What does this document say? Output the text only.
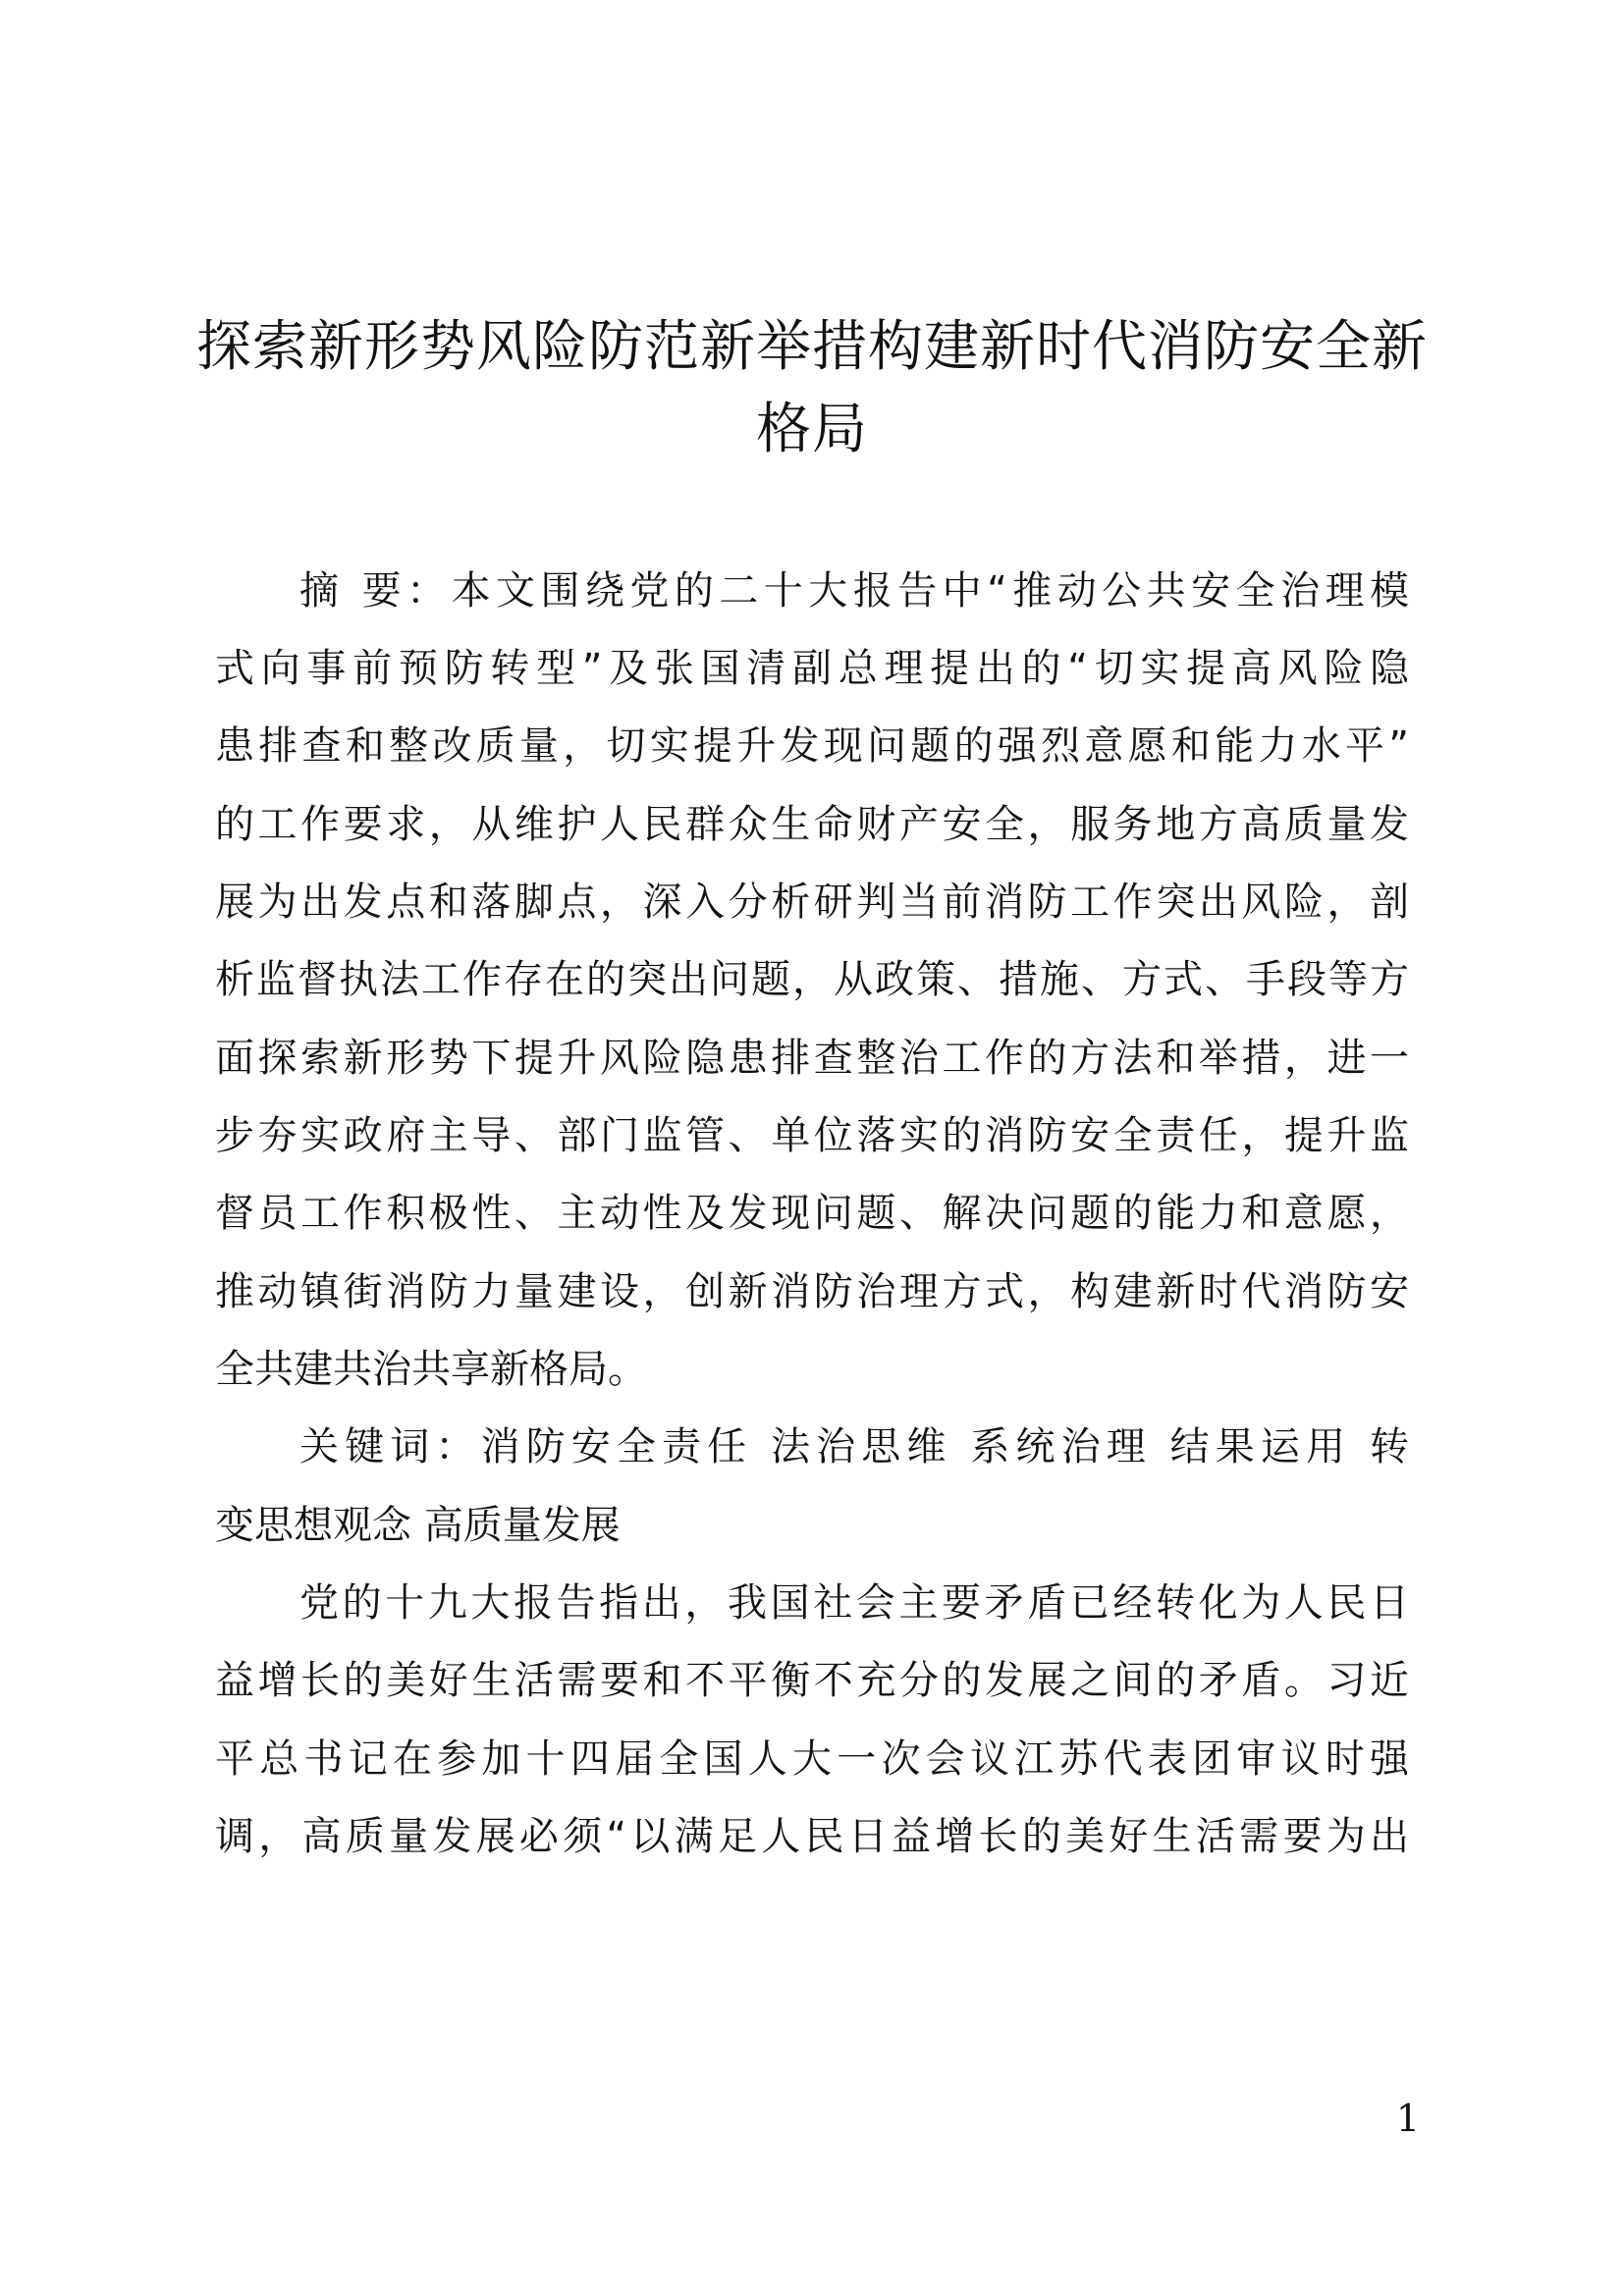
探索新形势风险防范新举措构建新时代消防安全新格局

摘 要：本文围绕党的二十大报告中“推动公共安全治理模

式向事前预防转型”及张国清副总理提出的“切实提高风险隐

患排查和整改质量，切实提升发现问题的强烈意愿和能力水平”

的工作要求，从维护人民群众生命财产安全，服务地方高质量发

展为出发点和落脚点，深入分析研判当前消防工作突出风险，剖

析监督执法工作存在的突出问题，从政策、措施、方式、手段等方

面探索新形势下提升风险隐患排查整治工作的方法和举措，进一

步夯实政府主导、部门监管、单位落实的消防安全责任，提升监

督员工作积极性、主动性及发现问题、解决问题的能力和意愿，

推动镇街消防力量建设，创新消防治理方式，构建新时代消防安

全共建共治共享新格局。

关键词：消防安全责任 法治思维 系统治理 结果运用 转

变思想观念 高质量发展

党的十九大报告指出，我国社会主要矛盾已经转化为人民日

益增长的美好生活需要和不平衡不充分的发展之间的矛盾。习近

平总书记在参加十四届全国人大一次会议江苏代表团审议时强

调，高质量发展必须“以满足人民日益增长的美好生活需要为出

1
